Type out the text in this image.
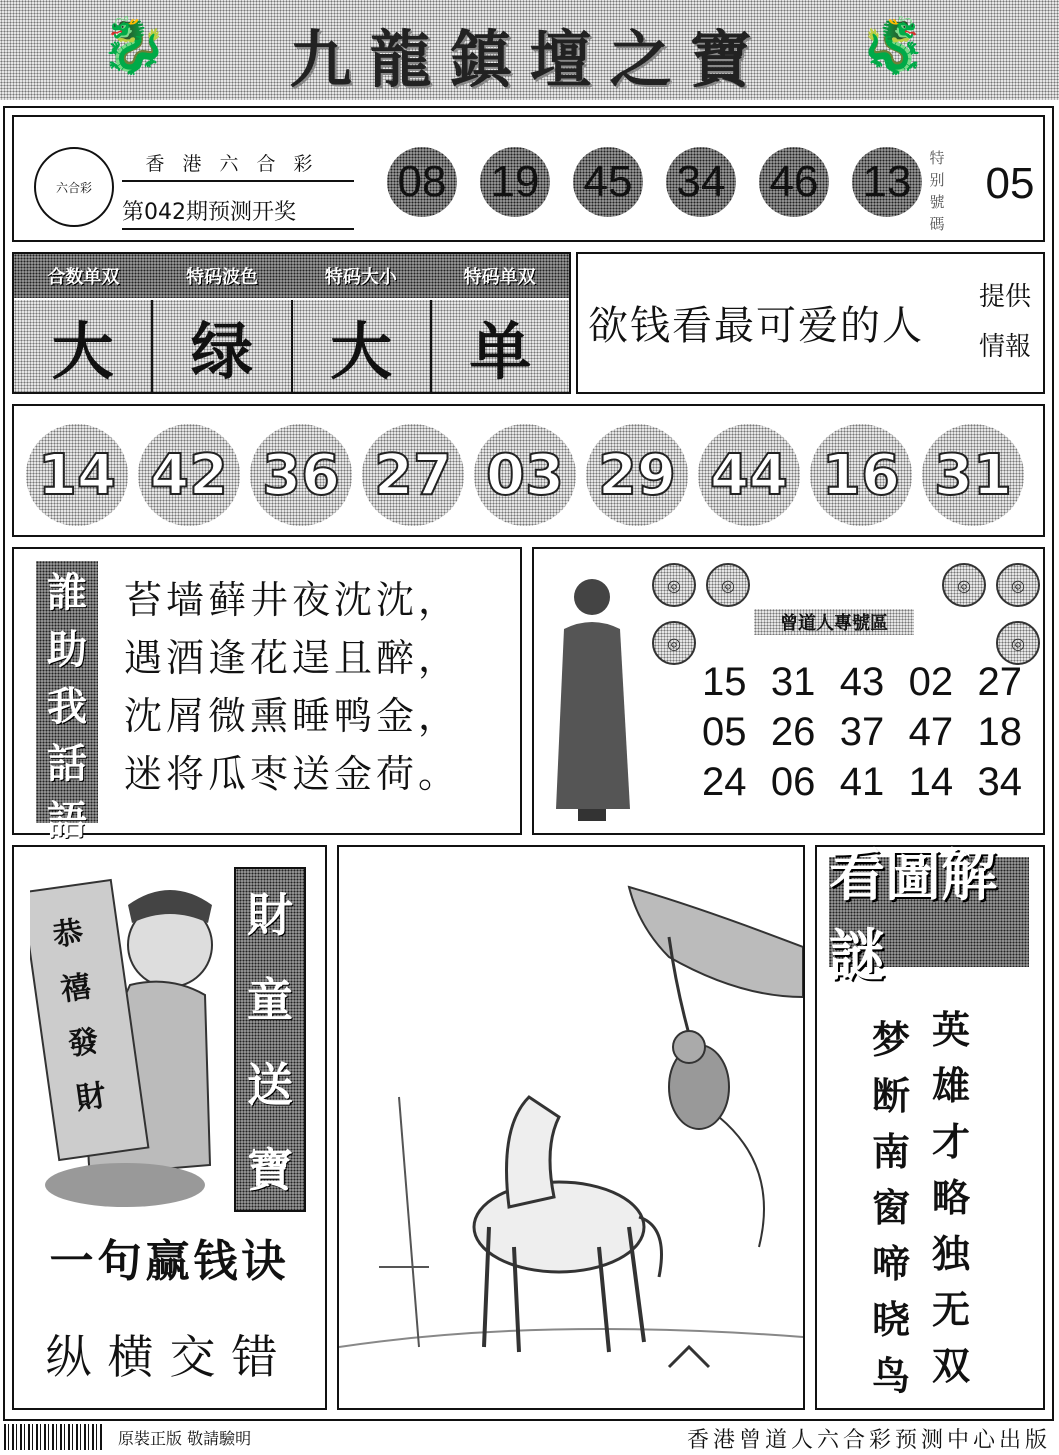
🐉	九龍鎮壇之寶	🐉
六合彩
香港六合彩
第042期预测开奖
08 19 45 34 46 13	特别號碼
05
合数单双	特码波色	特码大小	特码单双
大	绿	大	单	欲钱看最可爱的人
提供情報
14 42 36 27 03 29 44 16 31
誰
助
我
話
語
苔墙藓井夜沈沈，
遇酒逢花逞且醉，
沈屑微熏睡鸭金，
迷将瓜枣送金荷。
◎	◎
◎
◎	◎
◎
曾道人專號區
15 31 43 02 27
05 26 37 47 18
24 06 41 14 34
恭
禧
發
財
財
童
送
寶
一句赢钱诀
纵横交错
看圖解謎
英
雄
才
略
独
无
双
梦
断
南
窗
啼
晓
鸟
原裝正版 敬請驗明	香港曾道人六合彩预测中心出版
